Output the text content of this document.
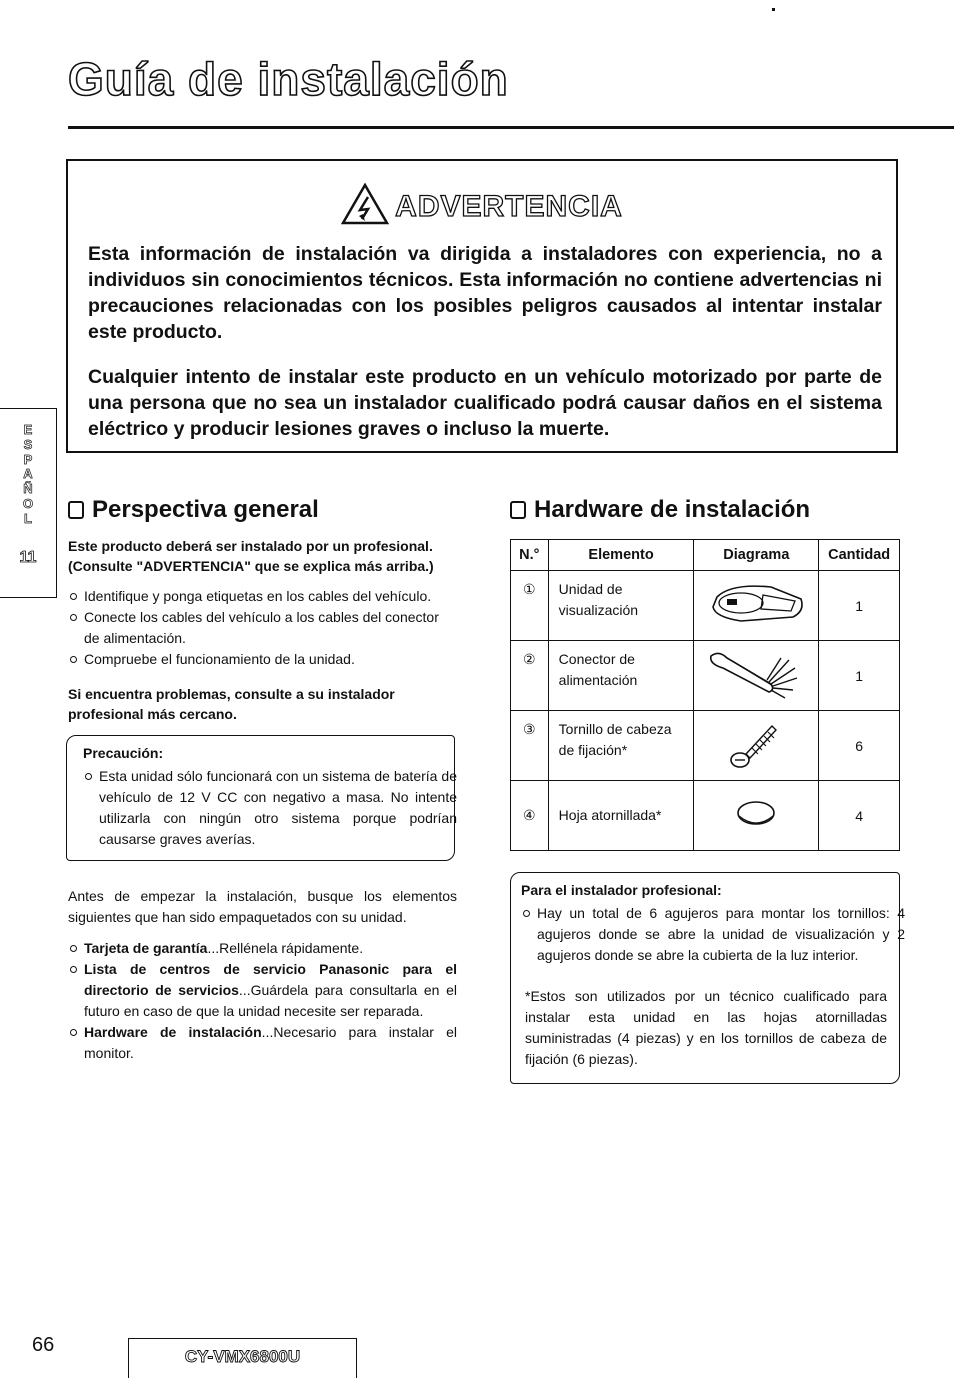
Guía de instalación
ADVERTENCIA

Esta información de instalación va dirigida a instaladores con experiencia, no a individuos sin conocimientos técnicos. Esta información no contiene advertencias ni precauciones relacionadas con los posibles peligros causados al intentar instalar este producto.

Cualquier intento de instalar este producto en un vehículo motorizado por parte de una persona que no sea un instalador cualificado podrá causar daños en el sistema eléctrico y producir lesiones graves o incluso la muerte.

E
S
P
A
Ñ
O
L
11
Perspectiva general

Este producto deberá ser instalado por un profesional. (Consulte "ADVERTENCIA" que se explica más arriba.)

Identifique y ponga etiquetas en los cables del vehículo.

Conecte los cables del vehículo a los cables del conector de alimentación.

Compruebe el funcionamiento de la unidad.

Si encuentra problemas, consulte a su instalador profesional más cercano.

Precaución:

Esta unidad sólo funcionará con un sistema de batería de vehículo de 12 V CC con negativo a masa. No intente utilizarla con ningún otro sistema porque podrían causarse graves averías.

Antes de empezar la instalación, busque los elementos siguientes que han sido empaquetados con su unidad.

Tarjeta de garantía...Rellénela rápidamente.

Lista de centros de servicio Panasonic para el directorio de servicios...Guárdela para consultarla en el futuro en caso de que la unidad necesite ser reparada.

Hardware de instalación...Necesario para instalar el monitor.

Hardware de instalación
N.°	Elemento	Diagrama	Cantidad
①	Unidad de visualización		1
②	Conector de alimentación		1
③	Tornillo de cabeza de fijación*		6
④	Hoja atornillada*		4

Para el instalador profesional:

Hay un total de 6 agujeros para montar los tornillos: 4 agujeros donde se abre la unidad de visualización y 2 agujeros donde se abre la cubierta de la luz interior.

*Estos son utilizados por un técnico cualificado para instalar esta unidad en las hojas atornilladas suministradas (4 piezas) y en los tornillos de cabeza de fijación (6 piezas).

66
CY-VMX6800U
